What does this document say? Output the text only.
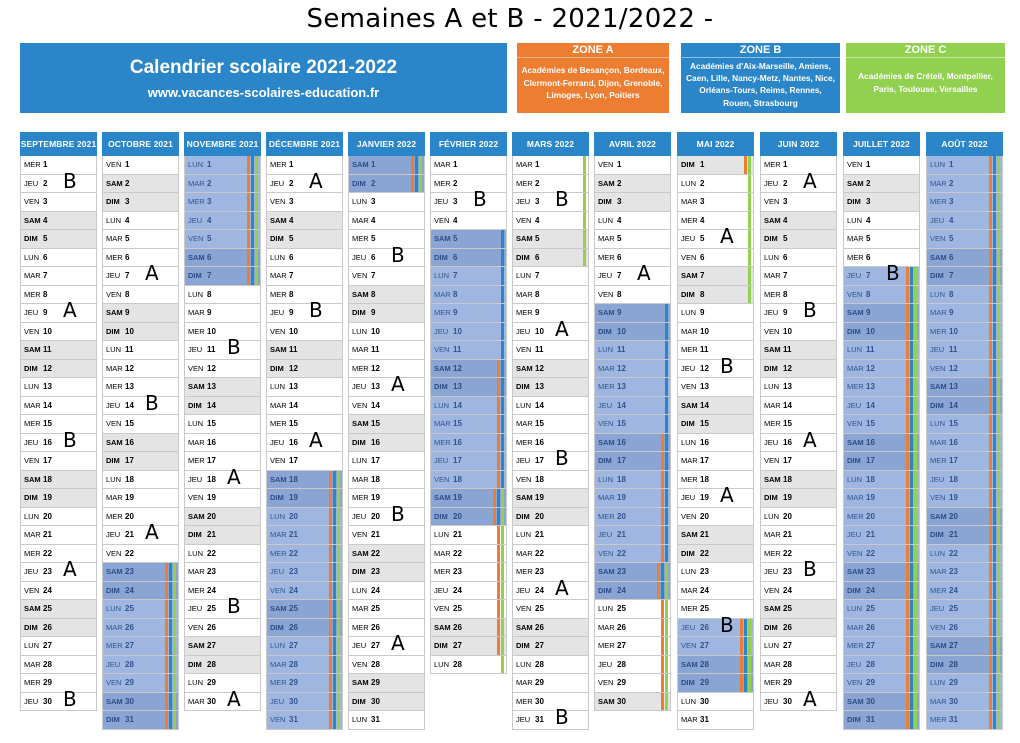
Semaines A et B - 2021/2022 -
Calendrier scolaire 2021-2022
www.vacances-scolaires-education.fr
ZONE A
Académies de Besançon, Bordeaux, Clermont-Ferrand, Dijon, Grenoble, Limoges, Lyon, Poitiers
ZONE B
Académies d'Aix-Marseille, Amiens, Caen, Lille, Nancy-Metz, Nantes, Nice, Orléans-Tours, Reims, Rennes, Rouen, Strasbourg
ZONE C
Académies de Créteil, Montpellier, Paris, Toulouse, Versailles
SEPTEMBRE 2021
MER 1
JEU 2 B
VEN 3
SAM 4
DIM 5
LUN 6
MAR 7
MER 8
JEU 9 A
VEN 10
SAM 11
DIM 12
LUN 13
MAR 14
MER 15
JEU 16 B
VEN 17
SAM 18
DIM 19
LUN 20
MAR 21
MER 22
JEU 23 A
VEN 24
SAM 25
DIM 26
LUN 27
MAR 28
MER 29
JEU 30 B
OCTOBRE 2021
VEN 1
SAM 2
DIM 3
LUN 4
MAR 5
MER 6
JEU 7 A
VEN 8
SAM 9
DIM 10
LUN 11
MAR 12
MER 13
JEU 14 B
VEN 15
SAM 16
DIM 17
LUN 18
MAR 19
MER 20
JEU 21 A
VEN 22
SAM 23
DIM 24
LUN 25
MAR 26
MER 27
JEU 28
VEN 29
SAM 30
DIM 31
NOVEMBRE 2021
LUN 1
MAR 2
MER 3
JEU 4
VEN 5
SAM 6
DIM 7
LUN 8
MAR 9
MER 10
JEU 11 B
VEN 12
SAM 13
DIM 14
LUN 15
MAR 16
MER 17
JEU 18 A
VEN 19
SAM 20
DIM 21
LUN 22
MAR 23
MER 24
JEU 25 B
VEN 26
SAM 27
DIM 28
LUN 29
MAR 30 A
DÉCEMBRE 2021
MER 1
JEU 2 A
VEN 3
SAM 4
DIM 5
LUN 6
MAR 7
MER 8
JEU 9 B
VEN 10
SAM 11
DIM 12
LUN 13
MAR 14
MER 15
JEU 16 A
VEN 17
SAM 18
DIM 19
LUN 20
MAR 21
MER 22
JEU 23
VEN 24
SAM 25
DIM 26
LUN 27
MAR 28
MER 29
JEU 30
VEN 31
JANVIER 2022
SAM 1
DIM 2
LUN 3
MAR 4
MER 5
JEU 6 B
VEN 7
SAM 8
DIM 9
LUN 10
MAR 11
MER 12
JEU 13 A
VEN 14
SAM 15
DIM 16
LUN 17
MAR 18
MER 19
JEU 20 B
VEN 21
SAM 22
DIM 23
LUN 24
MAR 25
MER 26
JEU 27 A
VEN 28
SAM 29
DIM 30
LUN 31
FÉVRIER 2022
MAR 1
MER 2
JEU 3 B
VEN 4
SAM 5
DIM 6
LUN 7
MAR 8
MER 9
JEU 10
VEN 11
SAM 12
DIM 13
LUN 14
MAR 15
MER 16
JEU 17
VEN 18
SAM 19
DIM 20
LUN 21
MAR 22
MER 23
JEU 24
VEN 25
SAM 26
DIM 27
LUN 28
MARS 2022
MAR 1
MER 2
JEU 3 B
VEN 4
SAM 5
DIM 6
LUN 7
MAR 8
MER 9
JEU 10 A
VEN 11
SAM 12
DIM 13
LUN 14
MAR 15
MER 16
JEU 17 B
VEN 18
SAM 19
DIM 20
LUN 21
MAR 22
MER 23
JEU 24 A
VEN 25
SAM 26
DIM 27
LUN 28
MAR 29
MER 30
JEU 31 B
AVRIL 2022
VEN 1
SAM 2
DIM 3
LUN 4
MAR 5
MER 6
JEU 7 A
VEN 8
SAM 9
DIM 10
LUN 11
MAR 12
MER 13
JEU 14
VEN 15
SAM 16
DIM 17
LUN 18
MAR 19
MER 20
JEU 21
VEN 22
SAM 23
DIM 24
LUN 25
MAR 26
MER 27
JEU 28
VEN 29
SAM 30
MAI 2022
DIM 1
LUN 2
MAR 3
MER 4
JEU 5 A
VEN 6
SAM 7
DIM 8
LUN 9
MAR 10
MER 11
JEU 12 B
VEN 13
SAM 14
DIM 15
LUN 16
MAR 17
MER 18
JEU 19 A
VEN 20
SAM 21
DIM 22
LUN 23
MAR 24
MER 25
JEU 26 B
VEN 27
SAM 28
DIM 29
LUN 30
MAR 31
JUIN 2022
MER 1
JEU 2 A
VEN 3
SAM 4
DIM 5
LUN 6
MAR 7
MER 8
JEU 9 B
VEN 10
SAM 11
DIM 12
LUN 13
MAR 14
MER 15
JEU 16 A
VEN 17
SAM 18
DIM 19
LUN 20
MAR 21
MER 22
JEU 23 B
VEN 24
SAM 25
DIM 26
LUN 27
MAR 28
MER 29
JEU 30 A
JUILLET 2022
VEN 1
SAM 2
DIM 3
LUN 4
MAR 5
MER 6
JEU 7 B
VEN 8
SAM 9
DIM 10
LUN 11
MAR 12
MER 13
JEU 14
VEN 15
SAM 16
DIM 17
LUN 18
MAR 19
MER 20
JEU 21
VEN 22
SAM 23
DIM 24
LUN 25
MAR 26
MER 27
JEU 28
VEN 29
SAM 30
DIM 31
AOÛT 2022
LUN 1
MAR 2
MER 3
JEU 4
VEN 5
SAM 6
DIM 7
LUN 8
MAR 9
MER 10
JEU 11
VEN 12
SAM 13
DIM 14
LUN 15
MAR 16
MER 17
JEU 18
VEN 19
SAM 20
DIM 21
LUN 22
MAR 23
MER 24
JEU 25
VEN 26
SAM 27
DIM 28
LUN 29
MAR 30
MER 31
